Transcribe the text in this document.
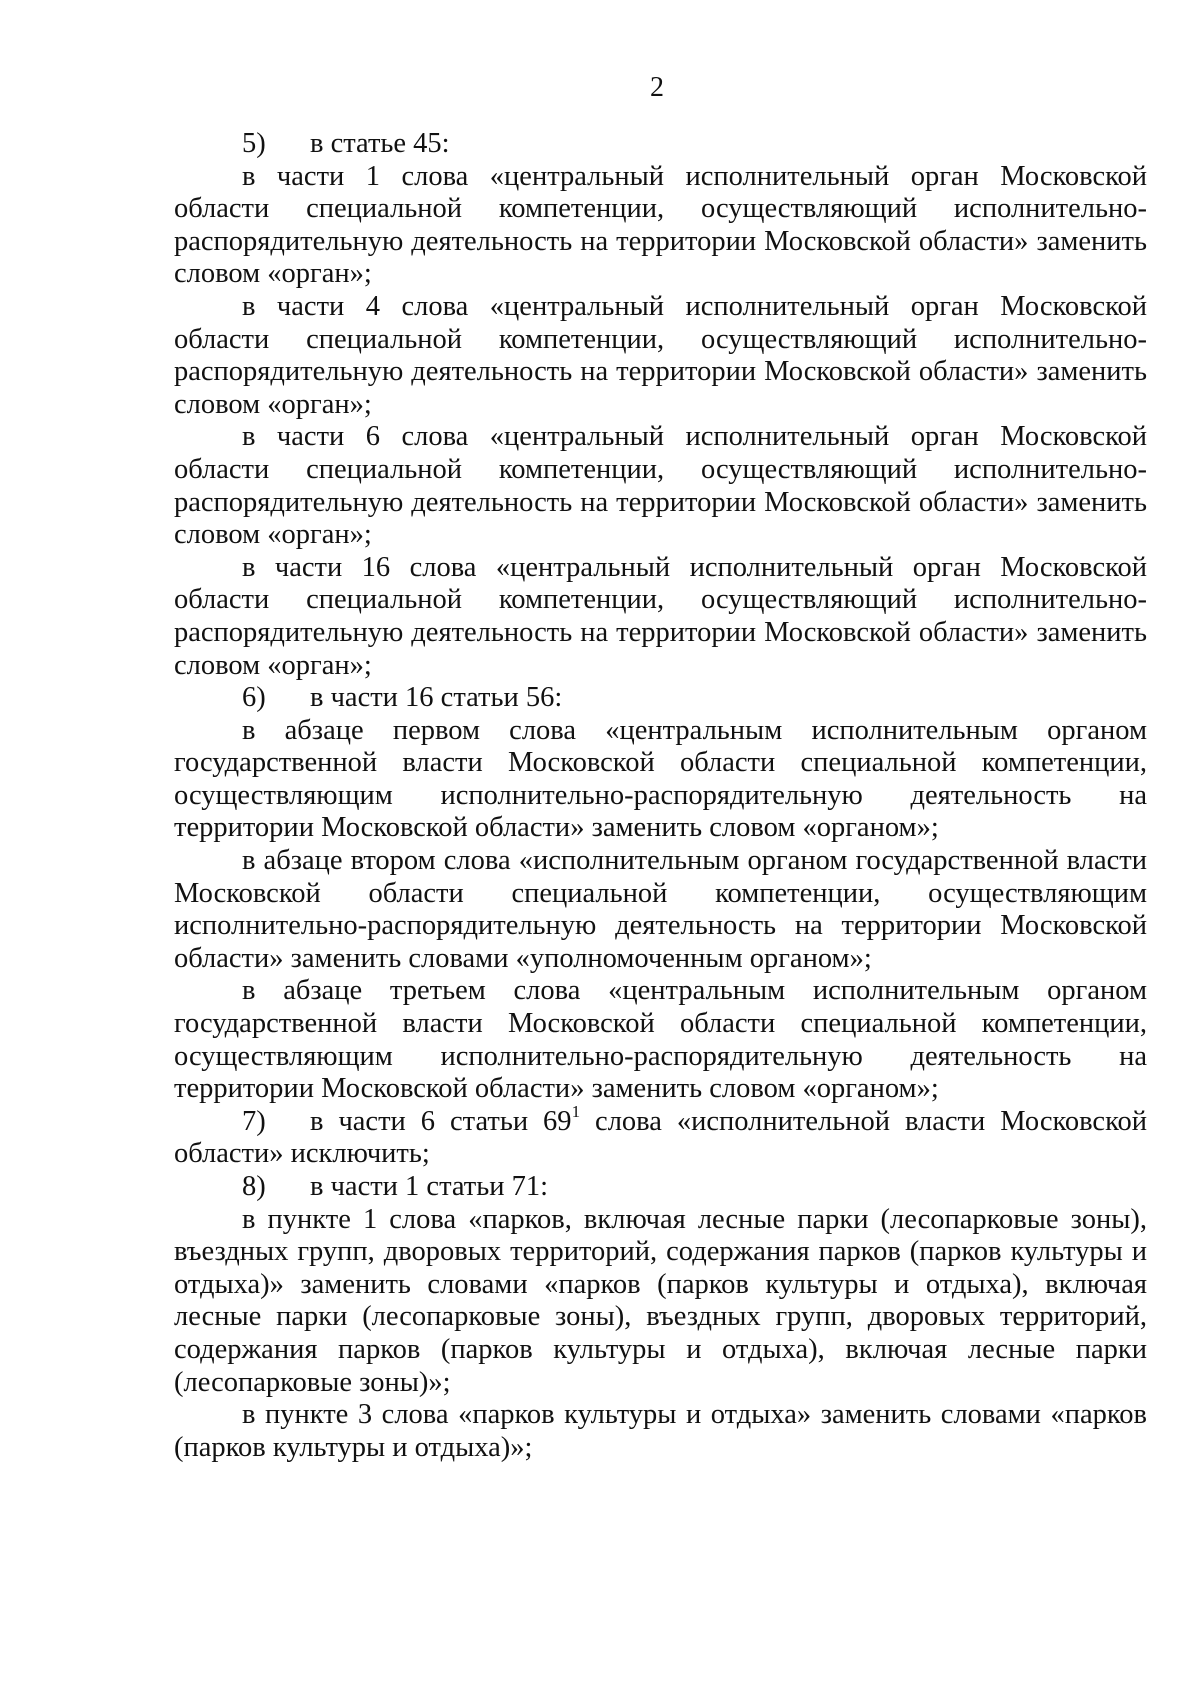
2

5) в статье 45:

в части 1 слова «центральный исполнительный орган Московской области специальной компетенции, осуществляющий исполнительно-распорядительную деятельность на территории Московской области» заменить словом «орган»;

в части 4 слова «центральный исполнительный орган Московской области специальной компетенции, осуществляющий исполнительно-распорядительную деятельность на территории Московской области» заменить словом «орган»;

в части 6 слова «центральный исполнительный орган Московской области специальной компетенции, осуществляющий исполнительно-распорядительную деятельность на территории Московской области» заменить словом «орган»;

в части 16 слова «центральный исполнительный орган Московской области специальной компетенции, осуществляющий исполнительно-распорядительную деятельность на территории Московской области» заменить словом «орган»;

6) в части 16 статьи 56:

в абзаце первом слова «центральным исполнительным органом государственной власти Московской области специальной компетенции, осуществляющим исполнительно-распорядительную деятельность на территории Московской области» заменить словом «органом»;

в абзаце втором слова «исполнительным органом государственной власти Московской области специальной компетенции, осуществляющим исполнительно-распорядительную деятельность на территории Московской области» заменить словами «уполномоченным органом»;

в абзаце третьем слова «центральным исполнительным органом государственной власти Московской области специальной компетенции, осуществляющим исполнительно-распорядительную деятельность на территории Московской области» заменить словом «органом»;

7) в части 6 статьи $69^1$ слова «исполнительной власти Московской области» исключить;

8) в части 1 статьи 71:

в пункте 1 слова «парков, включая лесные парки (лесопарковые зоны), въездных групп, дворовых территорий, содержания парков (парков культуры и отдыха)» заменить словами «парков (парков культуры и отдыха), включая лесные парки (лесопарковые зоны), въездных групп, дворовых территорий, содержания парков (парков культуры и отдыха), включая лесные парки (лесопарковые зоны)»;

в пункте 3 слова «парков культуры и отдыха» заменить словами «парков (парков культуры и отдыха)»;
